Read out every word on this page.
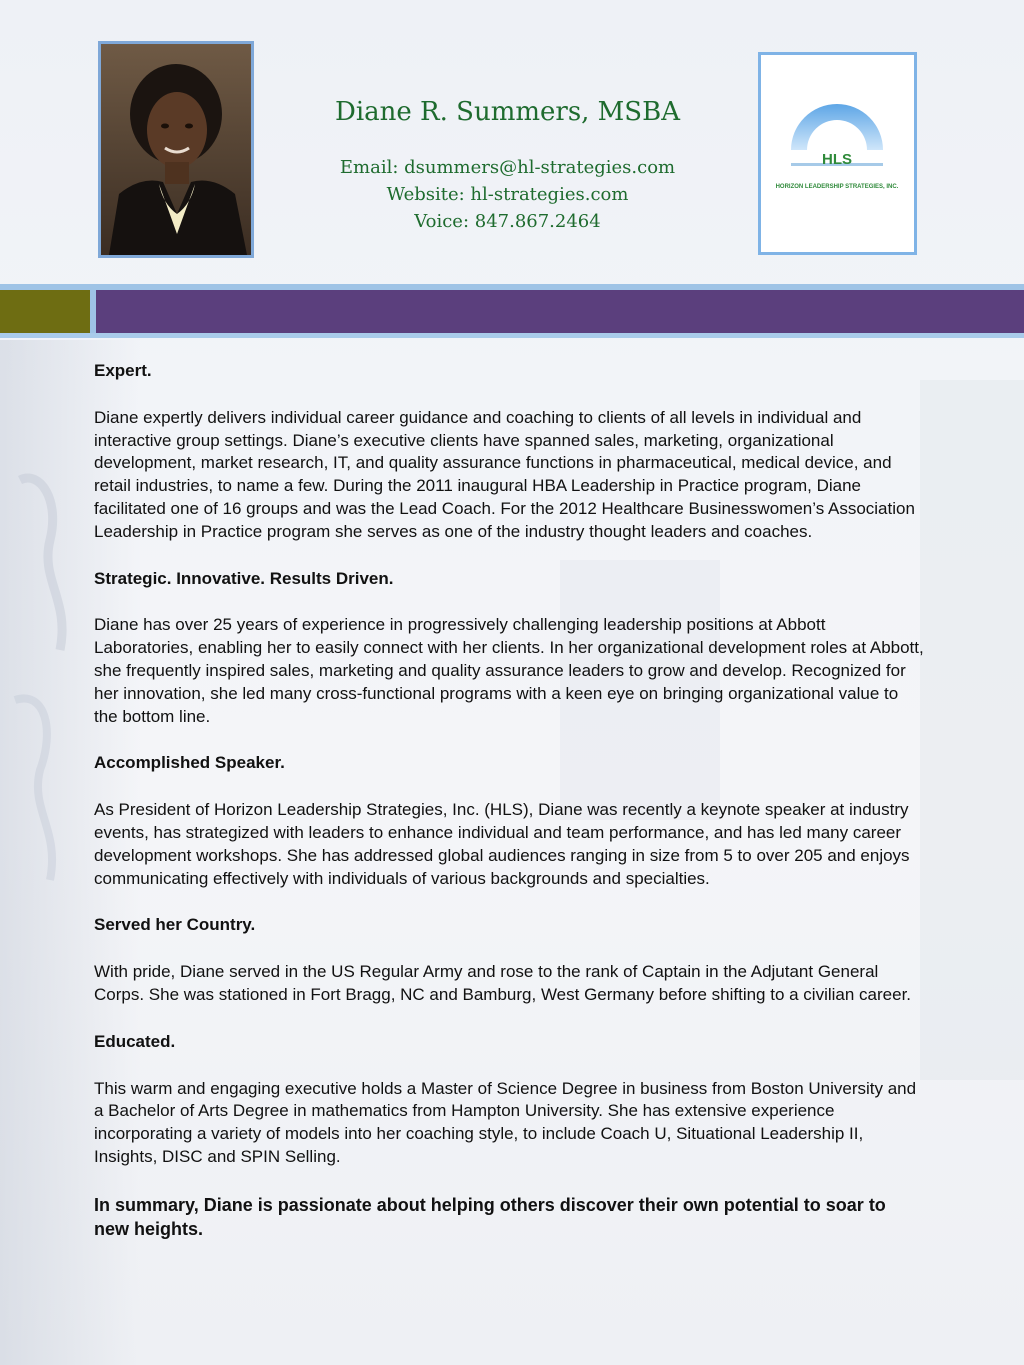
Diane R. Summers, MSBA
Email: dsummers@hl-strategies.com
Website: hl-strategies.com
Voice: 847.867.2464
HLS
HORIZON LEADERSHIP STRATEGIES, INC.
Expert.

Diane expertly delivers individual career guidance and coaching to clients of all levels in individual and interactive group settings. Diane’s executive clients have spanned sales, marketing, organizational development, market research, IT, and quality assurance functions in pharmaceutical, medical device, and retail industries, to name a few. During the 2011 inaugural HBA Leadership in Practice program, Diane facilitated one of 16 groups and was the Lead Coach. For the 2012 Healthcare Businesswomen’s Association Leadership in Practice program she serves as one of the industry thought leaders and coaches.

Strategic. Innovative. Results Driven.

Diane has over 25 years of experience in progressively challenging leadership positions at Abbott Laboratories, enabling her to easily connect with her clients. In her organizational development roles at Abbott, she frequently inspired sales, marketing and quality assurance leaders to grow and develop. Recognized for her innovation, she led many cross-functional programs with a keen eye on bringing organizational value to the bottom line.

Accomplished Speaker.

As President of Horizon Leadership Strategies, Inc. (HLS), Diane was recently a keynote speaker at industry events, has strategized with leaders to enhance individual and team performance, and has led many career development workshops. She has addressed global audiences ranging in size from 5 to over 205 and enjoys communicating effectively with individuals of various backgrounds and specialties.

Served her Country.

With pride, Diane served in the US Regular Army and rose to the rank of Captain in the Adjutant General Corps. She was stationed in Fort Bragg, NC and Bamburg, West Germany before shifting to a civilian career.

Educated.

This warm and engaging executive holds a Master of Science Degree in business from Boston University and a Bachelor of Arts Degree in mathematics from Hampton University. She has extensive experience incorporating a variety of models into her coaching style, to include Coach U, Situational Leadership II, Insights, DISC and SPIN Selling.

In summary, Diane is passionate about helping others discover their own potential to soar to new heights.
